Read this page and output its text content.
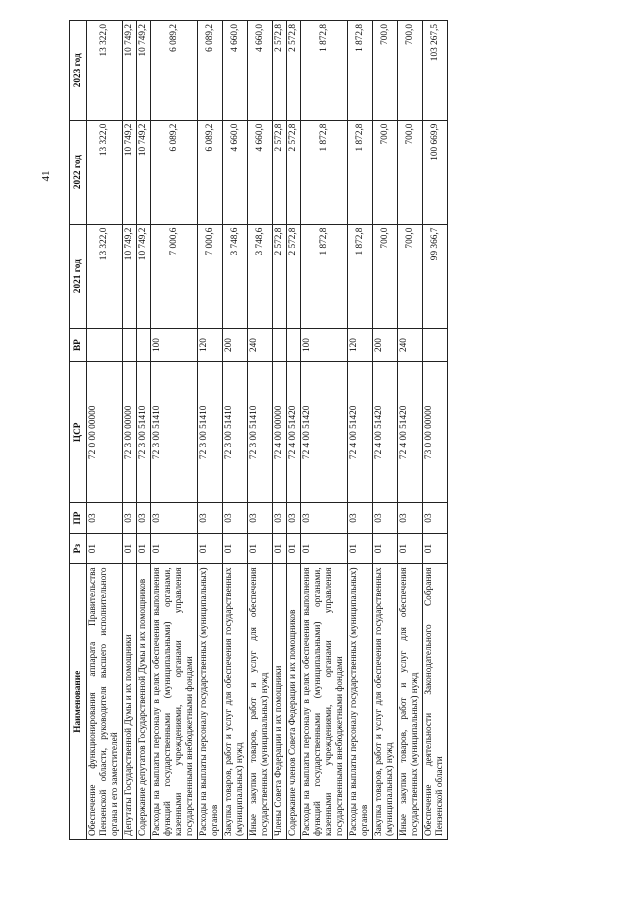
41
Наименование	Рз	ПР	ЦСР	ВР	2021 год	2022 год	2023 год
Обеспечение функционирования аппарата Правительства Пензенской области, руководителя высшего исполнительного органа и его заместителей	01	03	72 0 00 00000		13 322,0	13 322,0	13 322,0
Депутаты Государственной Думы и их помощники	01	03	72 3 00 00000		10 749,2	10 749,2	10 749,2
Содержание депутатов Государственной Думы и их помощников	01	03	72 3 00 51410		10 749,2	10 749,2	10 749,2
Расходы на выплаты персоналу в целях обеспечения выполнения функций государственными (муниципальными) органами, казенными учреждениями, органами управления государственными внебюджетными фондами	01	03	72 3 00 51410	100	7 000,6	6 089,2	6 089,2
Расходы на выплаты персоналу государственных (муниципальных) органов	01	03	72 3 00 51410	120	7 000,6	6 089,2	6 089,2
Закупка товаров, работ и услуг для обеспечения государственных (муниципальных) нужд	01	03	72 3 00 51410	200	3 748,6	4 660,0	4 660,0
Иные закупки товаров, работ и услуг для обеспечения государственных (муниципальных) нужд	01	03	72 3 00 51410	240	3 748,6	4 660,0	4 660,0
Члены Совета Федерации и их помощники	01	03	72 4 00 00000		2 572,8	2 572,8	2 572,8
Содержание членов Совета Федерации и их помощников	01	03	72 4 00 51420		2 572,8	2 572,8	2 572,8
Расходы на выплаты персоналу в целях обеспечения выполнения функций государственными (муниципальными) органами, казенными учреждениями, органами управления государственными внебюджетными фондами	01	03	72 4 00 51420	100	1 872,8	1 872,8	1 872,8
Расходы на выплаты персоналу государственных (муниципальных) органов	01	03	72 4 00 51420	120	1 872,8	1 872,8	1 872,8
Закупка товаров, работ и услуг для обеспечения государственных (муниципальных) нужд	01	03	72 4 00 51420	200	700,0	700,0	700,0
Иные закупки товаров, работ и услуг для обеспечения государственных (муниципальных) нужд	01	03	72 4 00 51420	240	700,0	700,0	700,0
Обеспечение деятельности Законодательного Собрания Пензенской области	01	03	73 0 00 00000		99 366,7	100 669,9	103 267,5
